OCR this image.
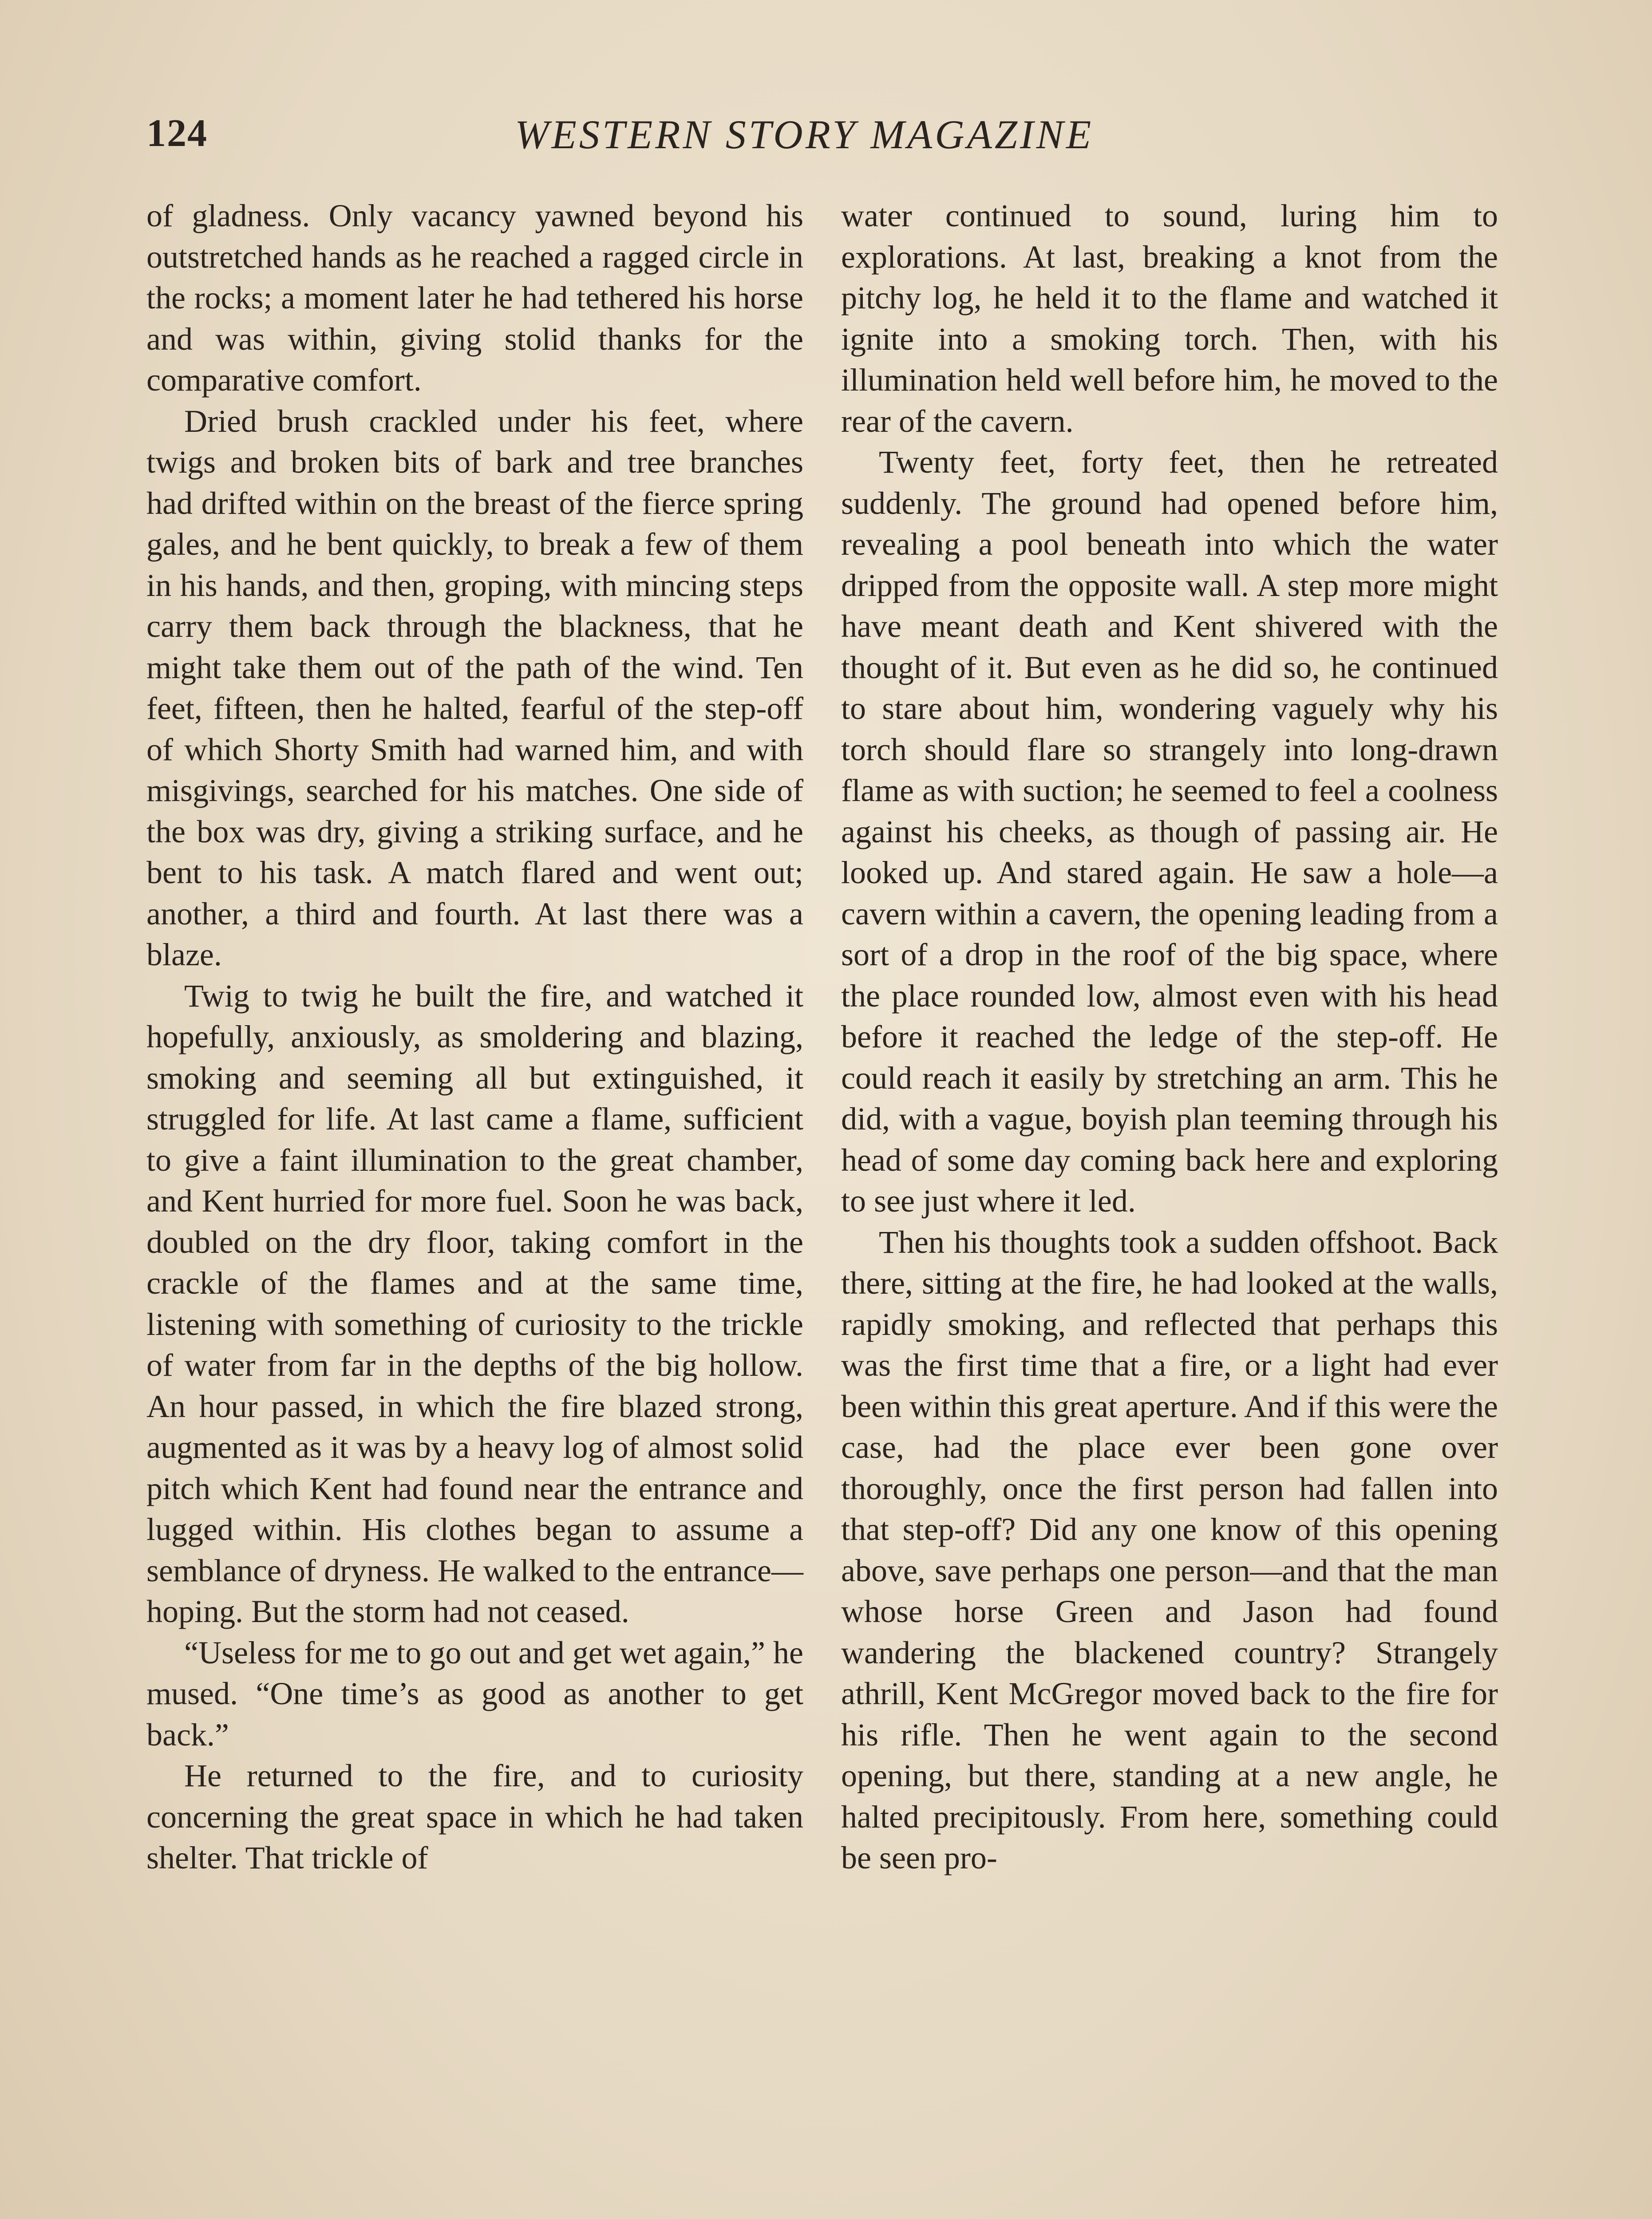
124	WESTERN STORY MAGAZINE

of gladness. Only vacancy yawned beyond his outstretched hands as he reached a ragged circle in the rocks; a moment later he had tethered his horse and was within, giving stolid thanks for the comparative comfort.

Dried brush crackled under his feet, where twigs and broken bits of bark and tree branches had drifted within on the breast of the fierce spring gales, and he bent quickly, to break a few of them in his hands, and then, groping, with mincing steps carry them back through the blackness, that he might take them out of the path of the wind. Ten feet, fifteen, then he halted, fearful of the step-off of which Shorty Smith had warned him, and with misgivings, searched for his matches. One side of the box was dry, giving a striking surface, and he bent to his task. A match flared and went out; another, a third and fourth. At last there was a blaze.

Twig to twig he built the fire, and watched it hopefully, anxiously, as smoldering and blazing, smoking and seeming all but extinguished, it struggled for life. At last came a flame, sufficient to give a faint illumination to the great chamber, and Kent hurried for more fuel. Soon he was back, doubled on the dry floor, taking comfort in the crackle of the flames and at the same time, listening with something of curiosity to the trickle of water from far in the depths of the big hollow. An hour passed, in which the fire blazed strong, augmented as it was by a heavy log of almost solid pitch which Kent had found near the entrance and lugged within. His clothes began to assume a semblance of dryness. He walked to the entrance—hoping. But the storm had not ceased.

“Useless for me to go out and get wet again,” he mused. “One time’s as good as another to get back.”

He returned to the fire, and to curiosity concerning the great space in which he had taken shelter. That trickle of

water continued to sound, luring him to explorations. At last, breaking a knot from the pitchy log, he held it to the flame and watched it ignite into a smoking torch. Then, with his illumination held well before him, he moved to the rear of the cavern.

Twenty feet, forty feet, then he retreated suddenly. The ground had opened before him, revealing a pool beneath into which the water dripped from the opposite wall. A step more might have meant death and Kent shivered with the thought of it. But even as he did so, he continued to stare about him, wondering vaguely why his torch should flare so strangely into long-drawn flame as with suction; he seemed to feel a coolness against his cheeks, as though of passing air. He looked up. And stared again. He saw a hole—a cavern within a cavern, the opening leading from a sort of a drop in the roof of the big space, where the place rounded low, almost even with his head before it reached the ledge of the step-off. He could reach it easily by stretching an arm. This he did, with a vague, boyish plan teeming through his head of some day coming back here and exploring to see just where it led.

Then his thoughts took a sudden offshoot. Back there, sitting at the fire, he had looked at the walls, rapidly smoking, and reflected that perhaps this was the first time that a fire, or a light had ever been within this great aperture. And if this were the case, had the place ever been gone over thoroughly, once the first person had fallen into that step-off? Did any one know of this opening above, save perhaps one person—and that the man whose horse Green and Jason had found wandering the blackened country? Strangely athrill, Kent McGregor moved back to the fire for his rifle. Then he went again to the second opening, but there, standing at a new angle, he halted precipitously. From here, something could be seen pro-
